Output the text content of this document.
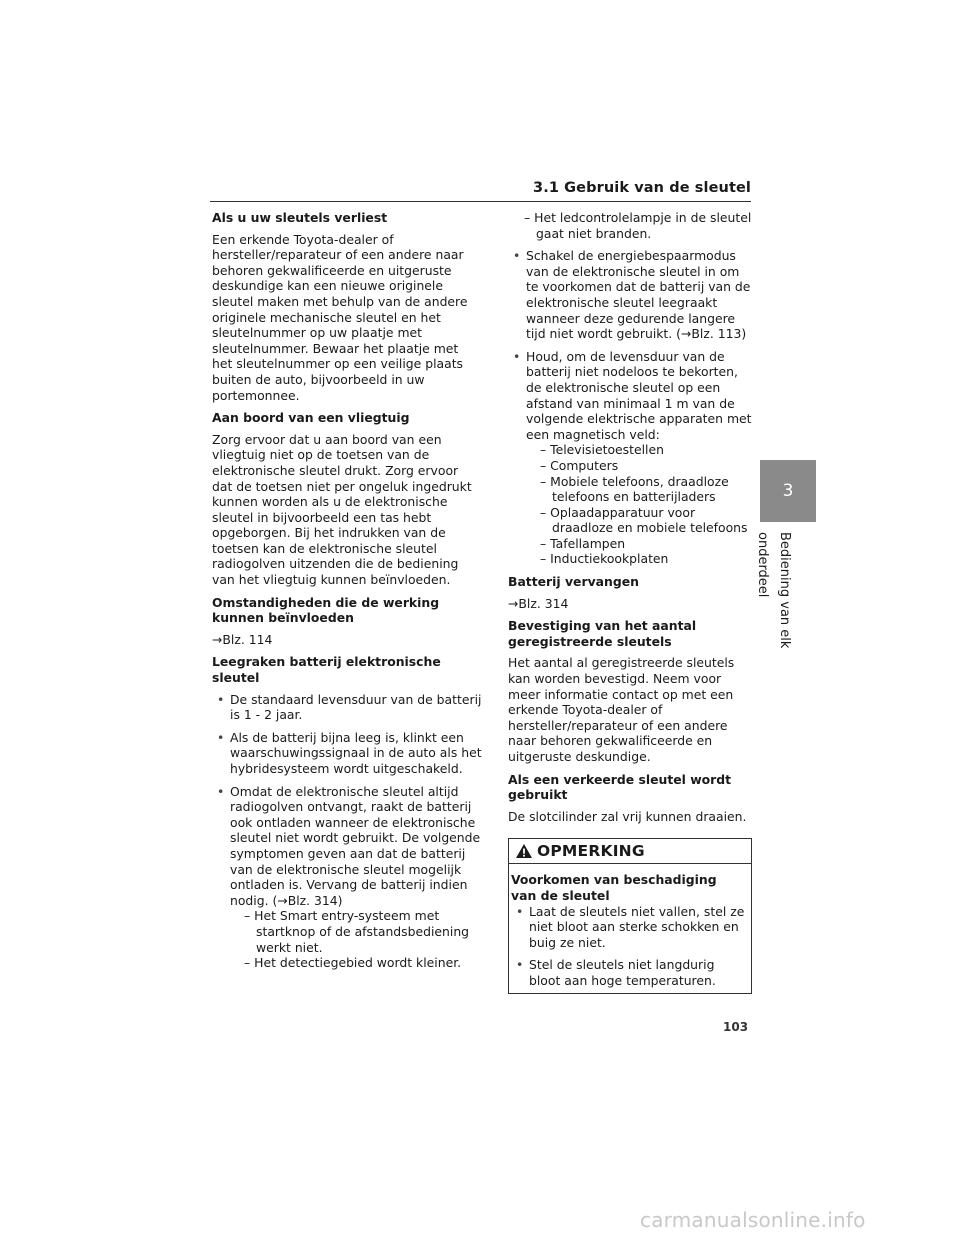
3.1 Gebruik van de sleutel
Als u uw sleutels verliest

Een erkende Toyota-dealer of hersteller/reparateur of een andere naar behoren gekwalificeerde en uitgeruste deskundige kan een nieuwe originele sleutel maken met behulp van de andere originele mechanische sleutel en het sleutelnummer op uw plaatje met sleutelnummer. Bewaar het plaatje met het sleutelnummer op een veilige plaats buiten de auto, bijvoorbeeld in uw portemonnee.

Aan boord van een vliegtuig

Zorg ervoor dat u aan boord van een vliegtuig niet op de toetsen van de elektronische sleutel drukt. Zorg ervoor dat de toetsen niet per ongeluk ingedrukt kunnen worden als u de elektronische sleutel in bijvoorbeeld een tas hebt opgeborgen. Bij het indrukken van de toetsen kan de elektronische sleutel radiogolven uitzenden die de bediening van het vliegtuig kunnen beïnvloeden.

Omstandigheden die de werking kunnen beïnvloeden

→Blz. 114

Leegraken batterij elektronische sleutel
• De standaard levensduur van de batterij is 1 - 2 jaar.
• Als de batterij bijna leeg is, klinkt een waarschuwingssignaal in de auto als het hybridesysteem wordt uitgeschakeld.
• Omdat de elektronische sleutel altijd radiogolven ontvangt, raakt de batterij ook ontladen wanneer de elektronische sleutel niet wordt gebruikt. De volgende symptomen geven aan dat de batterij van de elektronische sleutel mogelijk ontladen is. Vervang de batterij indien nodig. (→Blz. 314)
– Het Smart entry-systeem met startknop of de afstandsbediening werkt niet.
– Het detectiegebied wordt kleiner.
– Het ledcontrolelampje in de sleutel gaat niet branden.
• Schakel de energiebespaarmodus van de elektronische sleutel in om te voorkomen dat de batterij van de elektronische sleutel leegraakt wanneer deze gedurende langere tijd niet wordt gebruikt. (→Blz. 113)
• Houd, om de levensduur van de batterij niet nodeloos te bekorten, de elektronische sleutel op een afstand van minimaal 1 m van de volgende elektrische apparaten met een magnetisch veld:
– Televisietoestellen
– Computers
– Mobiele telefoons, draadloze telefoons en batterijladers
– Oplaadapparatuur voor draadloze en mobiele telefoons
– Tafellampen
– Inductiekookplaten
Batterij vervangen

→Blz. 314

Bevestiging van het aantal geregistreerde sleutels

Het aantal al geregistreerde sleutels kan worden bevestigd. Neem voor meer informatie contact op met een erkende Toyota-dealer of hersteller/reparateur of een andere naar behoren gekwalificeerde en uitgeruste deskundige.

Als een verkeerde sleutel wordt gebruikt

De slotcilinder zal vrij kunnen draaien.

OPMERKING
Voorkomen van beschadiging van de sleutel
• Laat de sleutels niet vallen, stel ze niet bloot aan sterke schokken en buig ze niet.
• Stel de sleutels niet langdurig bloot aan hoge temperaturen.
3
Bediening van elk onderdeel
103
carmanualsonline.info
